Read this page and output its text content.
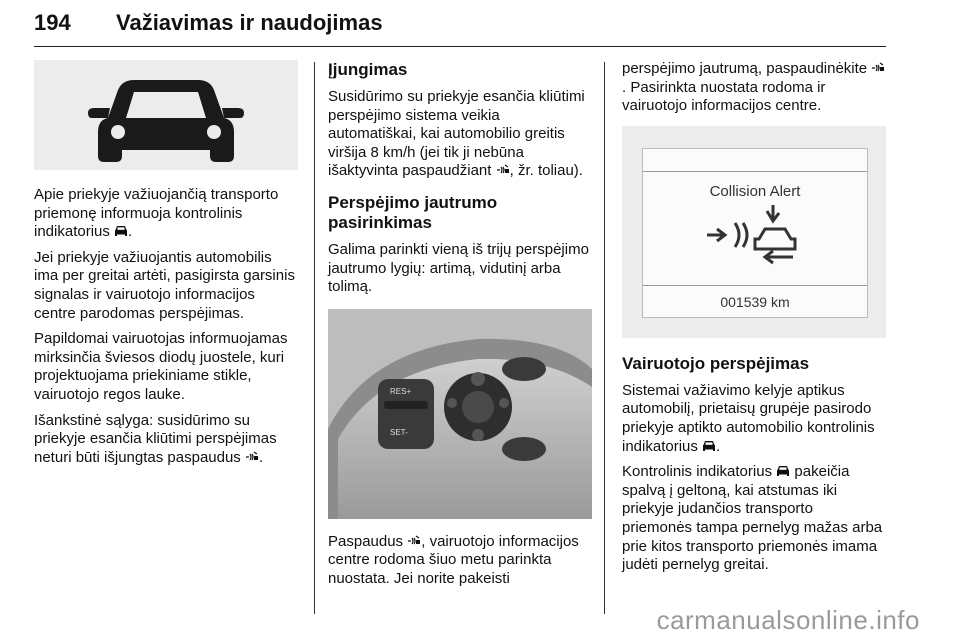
194 Važiavimas ir naudojimas

Apie priekyje važiuojančią transporto priemonę informuoja kontrolinis indikatorius .

Jei priekyje važiuojantis automobilis ima per greitai artėti, pasigirsta garsinis signalas ir vairuotojo informacijos centre parodomas perspėjimas.

Papildomai vairuotojas informuojamas mirksinčia šviesos diodų juostele, kuri projektuojama priekiniame stikle, vairuotojo regos lauke.

Išankstinė sąlyga: susidūrimo su priekyje esančia kliūtimi perspėjimas neturi būti išjungtas paspaudus .

Įjungimas

Susidūrimo su priekyje esančia kliūtimi perspėjimo sistema veikia automatiškai, kai automobilio greitis viršija 8 km/h (jei tik ji nebūna išaktyvinta paspaudžiant , žr. toliau).

Perspėjimo jautrumo pasirinkimas

Galima parinkti vieną iš trijų perspėjimo jautrumo lygių: artimą, vidutinį arba tolimą.

RES+
SET-

Paspaudus , vairuotojo informacijos centre rodoma šiuo metu parinkta nuostata. Jei norite pakeisti

perspėjimo jautrumą, paspaudinėkite . Pasirinkta nuostata rodoma ir vairuotojo informacijos centre.

Collision Alert
001539 km
Vairuotojo perspėjimas

Sistemai važiavimo kelyje aptikus automobilį, prietaisų grupėje pasirodo priekyje aptikto automobilio kontrolinis indikatorius .

Kontrolinis indikatorius pakeičia spalvą į geltoną, kai atstumas iki priekyje judančios transporto priemonės tampa pernelyg mažas arba prie kitos transporto priemonės imama judėti pernelyg greitai.

carmanualsonline.info
